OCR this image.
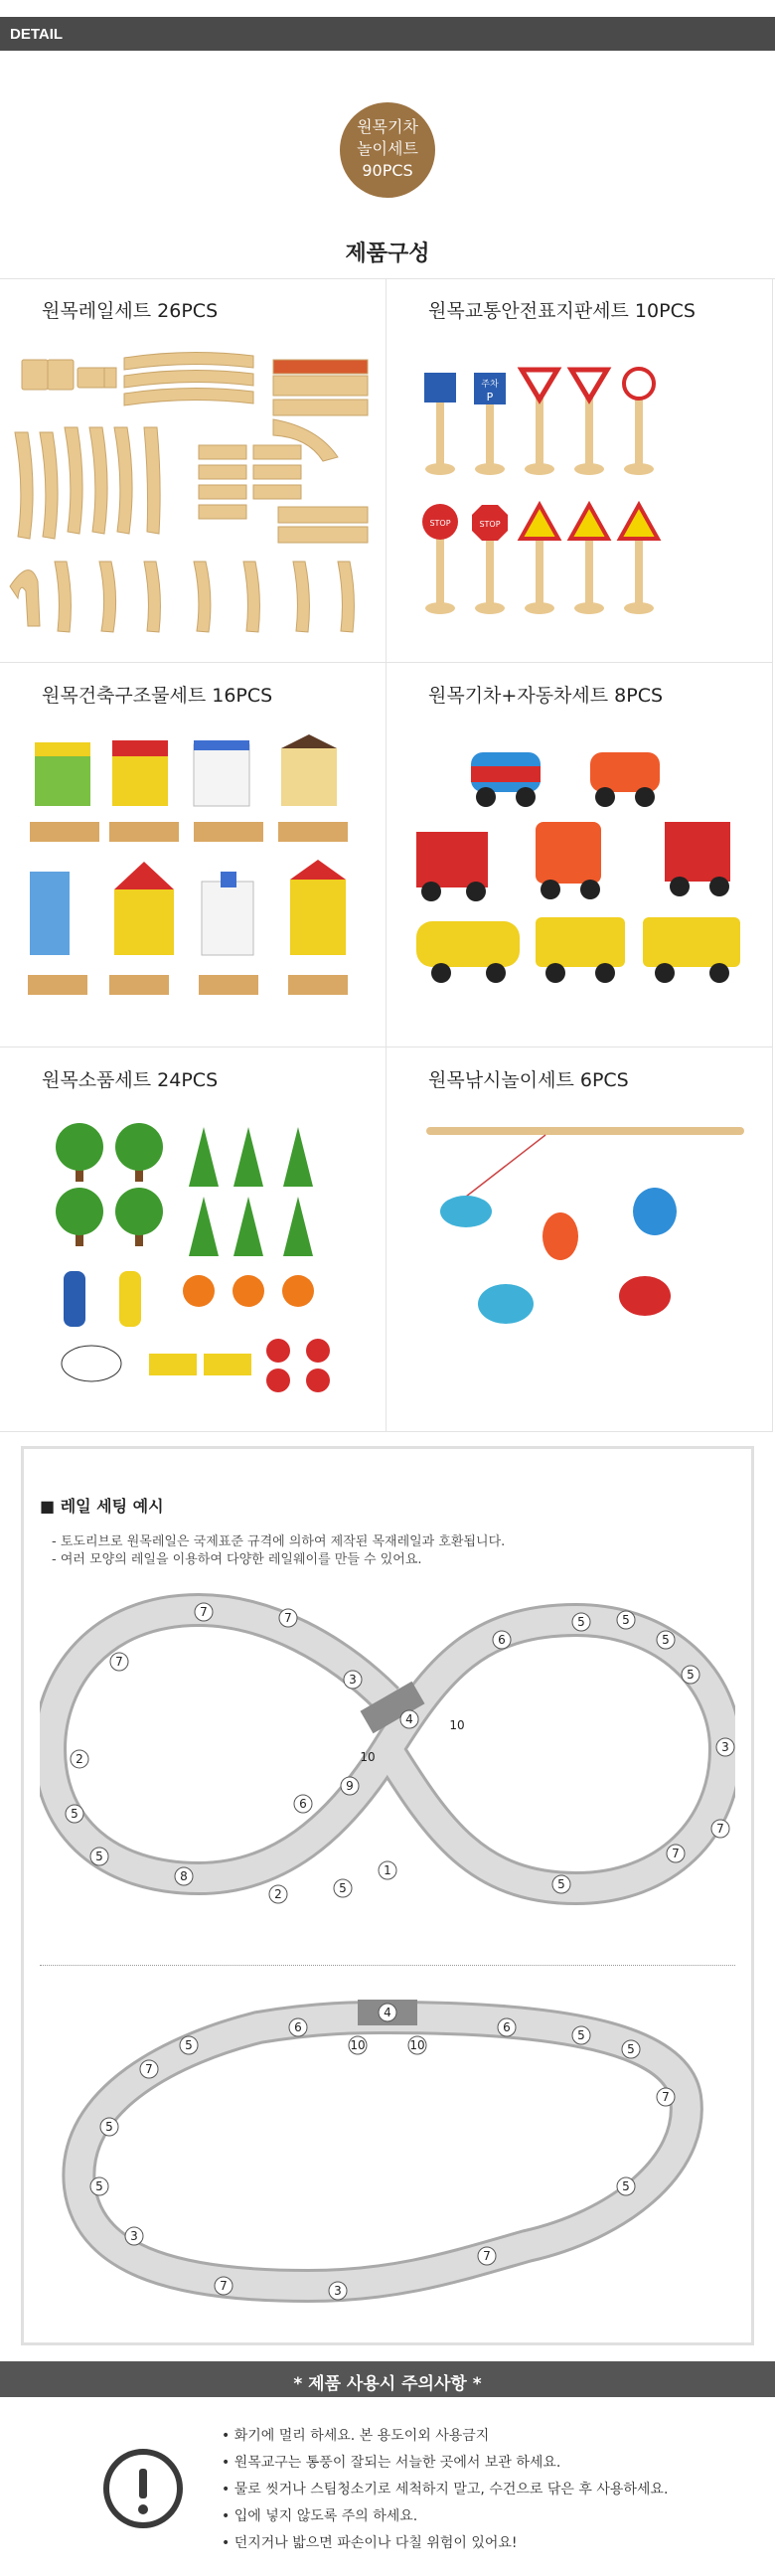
DETAIL
원목기차
놀이세트
90PCS
제품구성
원목레일세트 26PCS	원목교통안전표지판세트 10PCS
주차
P
STOP	STOP
원목건축구조물세트 16PCS	원목기차+자동차세트 8PCS
원목소품세트 24PCS	원목낚시놀이세트 6PCS
■ 레일 세팅 예시
- 토도리브로 원목레일은 국제표준 규격에 의하여 제작된 목재레일과 호환됩니다.
- 여러 모양의 레일을 이용하여 다양한 레일웨이를 만들 수 있어요.
7	7
7
3
4
6
5
5
5
3
2
5
5
10
10
9
6
8
2	5
1
5
7
7
5
4
10	10
6	6
5
5
5
7
7
5
5
5
3
7
3
7
* 제품 사용시 주의사항 *
• 화기에 멀리 하세요. 본 용도이외 사용금지
• 원목교구는 통풍이 잘되는 서늘한 곳에서 보관 하세요.
• 물로 씻거나 스팀청소기로 세척하지 말고, 수건으로 닦은 후 사용하세요.
• 입에 넣지 않도록 주의 하세요.
• 던지거나 밟으면 파손이나 다칠 위험이 있어요!
